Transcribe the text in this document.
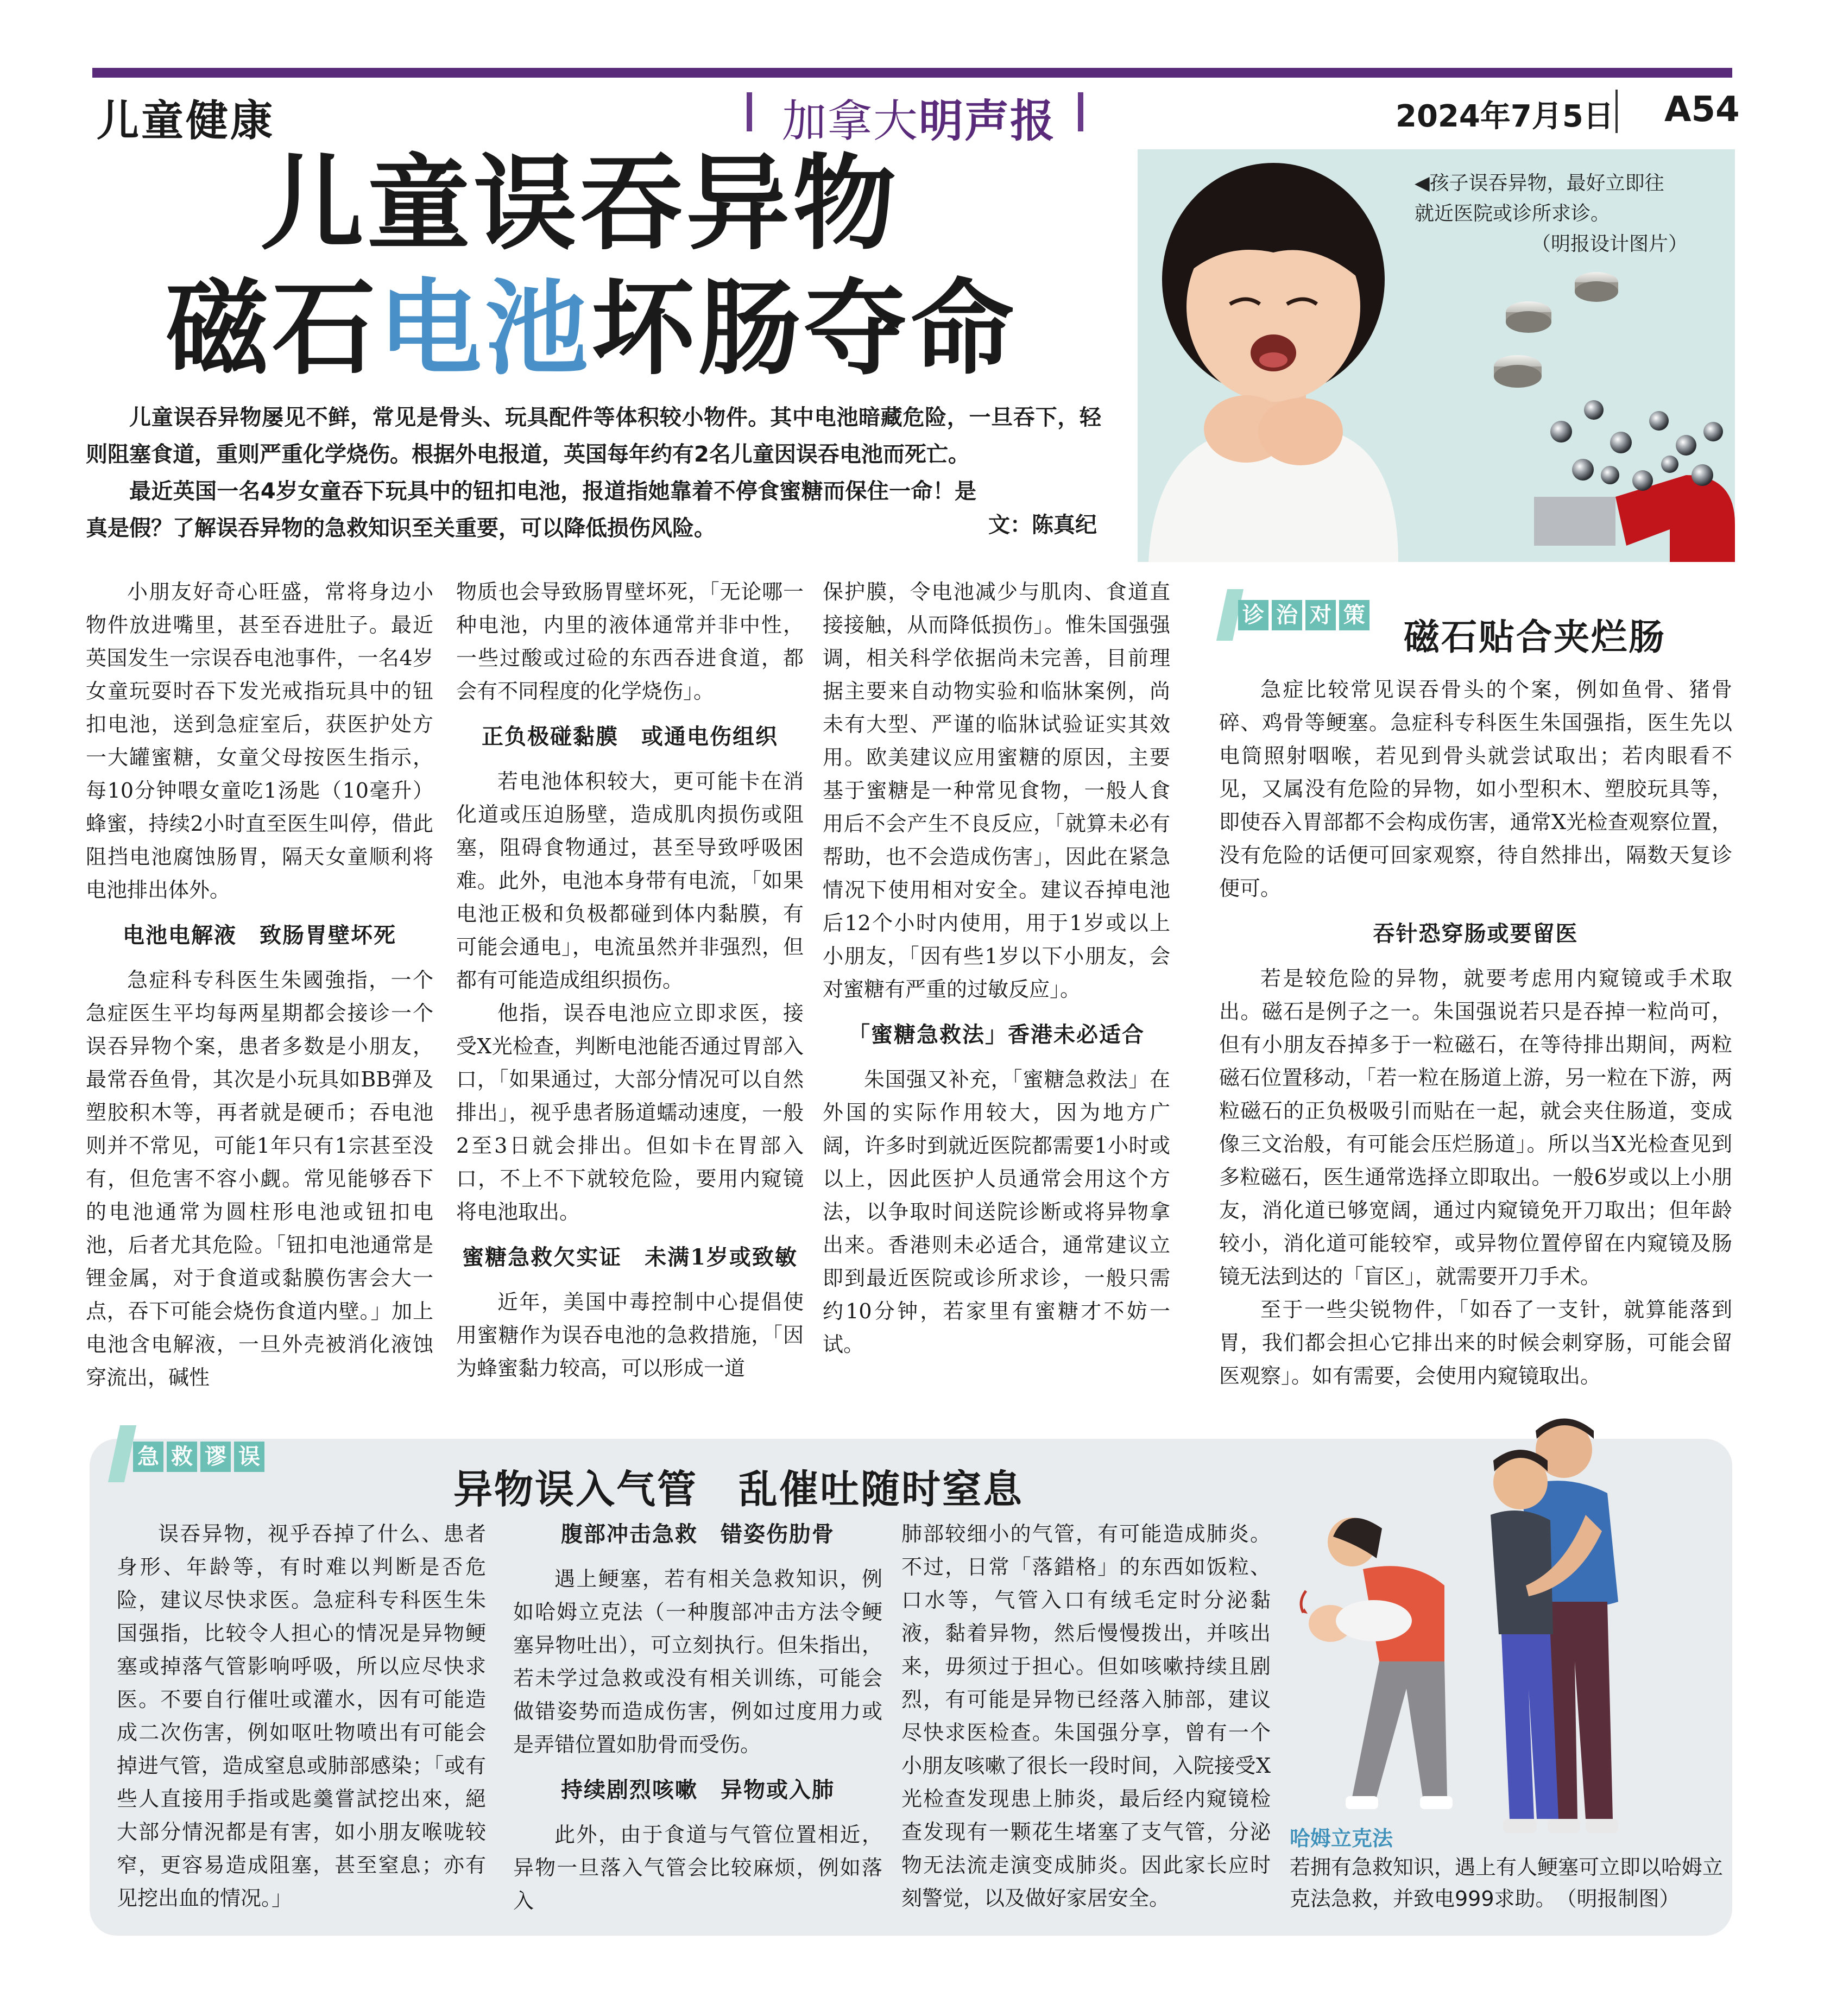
儿童健康	加拿大明声报	2024年7月5日 A54
儿童误吞异物
磁石电池坏肠夺命

儿童误吞异物屡见不鲜，常见是骨头、玩具配件等体积较小物件。其中电池暗藏危险，一旦吞下，轻则阻塞食道，重则严重化学烧伤。根据外电报道，英国每年约有2名儿童因误吞电池而死亡。

最近英国一名4岁女童吞下玩具中的钮扣电池，报道指她靠着不停食蜜糖而保住一命！是真是假？了解误吞异物的急救知识至关重要，可以降低损伤风险。	文：陈真纪
◀孩子误吞异物，最好立即往
就近医院或诊所求诊。
（明报设计图片）

小朋友好奇心旺盛，常将身边小物件放进嘴里，甚至吞进肚子。最近英国发生一宗误吞电池事件，一名4岁女童玩耍时吞下发光戒指玩具中的钮扣电池，送到急症室后，获医护处方一大罐蜜糖，女童父母按医生指示，每10分钟喂女童吃1汤匙（10毫升）蜂蜜，持续2小时直至医生叫停，借此阻挡电池腐蚀肠胃，隔天女童顺利将电池排出体外。

电池电解液　致肠胃壁坏死

急症科专科医生朱國強指，一个急症医生平均每两星期都会接诊一个误吞异物个案，患者多数是小朋友，最常吞鱼骨，其次是小玩具如BB弹及塑胶积木等，再者就是硬币；吞电池则并不常见，可能1年只有1宗甚至没有，但危害不容小觑。常见能够吞下的电池通常为圆柱形电池或钮扣电池，后者尤其危险。「钮扣电池通常是锂金属，对于食道或黏膜伤害会大一点，吞下可能会烧伤食道内壁。」加上电池含电解液，一旦外壳被消化液蚀穿流出，碱性

物质也会导致肠胃壁坏死，「无论哪一种电池，内里的液体通常并非中性，一些过酸或过硷的东西吞进食道，都会有不同程度的化学烧伤」。

正负极碰黏膜　或通电伤组织

若电池体积较大，更可能卡在消化道或压迫肠壁，造成肌肉损伤或阻塞，阻碍食物通过，甚至导致呼吸困难。此外，电池本身带有电流，「如果电池正极和负极都碰到体内黏膜，有可能会通电」，电流虽然并非强烈，但都有可能造成组织损伤。

他指，误吞电池应立即求医，接受X光检查，判断电池能否通过胃部入口，「如果通过，大部分情况可以自然排出」，视乎患者肠道蠕动速度，一般2至3日就会排出。但如卡在胃部入口，不上不下就较危险，要用内窥镜将电池取出。

蜜糖急救欠实证　未满1岁或致敏

近年，美国中毒控制中心提倡使用蜜糖作为误吞电池的急救措施，「因为蜂蜜黏力较高，可以形成一道

保护膜，令电池减少与肌肉、食道直接接触，从而降低损伤」。惟朱国强强调，相关科学依据尚未完善，目前理据主要来自动物实验和临牀案例，尚未有大型、严谨的临牀试验证实其效用。欧美建议应用蜜糖的原因，主要基于蜜糖是一种常见食物，一般人食用后不会产生不良反应，「就算未必有帮助，也不会造成伤害」，因此在紧急情况下使用相对安全。建议吞掉电池后12个小时内使用，用于1岁或以上小朋友，「因有些1岁以下小朋友，会对蜜糖有严重的过敏反应」。

「蜜糖急救法」香港未必适合

朱国强又补充，「蜜糖急救法」在外国的实际作用较大，因为地方广阔，许多时到就近医院都需要1小时或以上，因此医护人员通常会用这个方法，以争取时间送院诊断或将异物拿出来。香港则未必适合，通常建议立即到最近医院或诊所求诊，一般只需约10分钟，若家里有蜜糖才不妨一试。

诊 治 对 策
磁石贴合夹烂肠

急症比较常见误吞骨头的个案，例如鱼骨、猪骨碎、鸡骨等鲠塞。急症科专科医生朱国强指，医生先以电筒照射咽喉，若见到骨头就尝试取出；若肉眼看不见，又属没有危险的异物，如小型积木、塑胶玩具等，即使吞入胃部都不会构成伤害，通常X光检查观察位置，没有危险的话便可回家观察，待自然排出，隔数天复诊便可。

吞针恐穿肠或要留医

若是较危险的异物，就要考虑用内窥镜或手术取出。磁石是例子之一。朱国强说若只是吞掉一粒尚可，但有小朋友吞掉多于一粒磁石，在等待排出期间，两粒磁石位置移动，「若一粒在肠道上游，另一粒在下游，两粒磁石的正负极吸引而贴在一起，就会夹住肠道，变成像三文治般，有可能会压烂肠道」。所以当X光检查见到多粒磁石，医生通常选择立即取出。一般6岁或以上小朋友，消化道已够宽阔，通过内窥镜免开刀取出；但年龄较小，消化道可能较窄，或异物位置停留在内窥镜及肠镜无法到达的「盲区」，就需要开刀手术。

至于一些尖锐物件，「如吞了一支针，就算能落到胃，我们都会担心它排出来的时候会刺穿肠，可能会留医观察」。如有需要，会使用内窥镜取出。

急 救 谬 误
异物误入气管　乱催吐随时窒息

误吞异物，视乎吞掉了什么、患者身形、年龄等，有时难以判断是否危险，建议尽快求医。急症科专科医生朱国强指，比较令人担心的情况是异物鲠塞或掉落气管影响呼吸，所以应尽快求医。不要自行催吐或灌水，因有可能造成二次伤害，例如呕吐物喷出有可能会掉进气管，造成窒息或肺部感染；「或有些人直接用手指或匙羹嘗試挖出來，絕大部分情況都是有害，如小朋友喉咙较窄，更容易造成阻塞，甚至窒息；亦有见挖出血的情况。」

腹部冲击急救　错姿伤肋骨

遇上鲠塞，若有相关急救知识，例如哈姆立克法（一种腹部冲击方法令鲠塞异物吐出），可立刻执行。但朱指出，若未学过急救或没有相关训练，可能会做错姿势而造成伤害，例如过度用力或是弄错位置如肋骨而受伤。

持续剧烈咳嗽　异物或入肺

此外，由于食道与气管位置相近，异物一旦落入气管会比较麻烦，例如落入

肺部较细小的气管，有可能造成肺炎。不过，日常「落錯格」的东西如饭粒、口水等，气管入口有绒毛定时分泌黏液，黏着异物，然后慢慢拨出，并咳出来，毋须过于担心。但如咳嗽持续且剧烈，有可能是异物已经落入肺部，建议尽快求医检查。朱国强分享，曾有一个小朋友咳嗽了很长一段时间，入院接受X光检查发现患上肺炎，最后经内窥镜检查发现有一颗花生堵塞了支气管，分泌物无法流走演变成肺炎。因此家长应时刻警觉，以及做好家居安全。

哈姆立克法
若拥有急救知识，遇上有人鲠塞可立即以哈姆立克法急救，并致电999求助。　（明报制图）
